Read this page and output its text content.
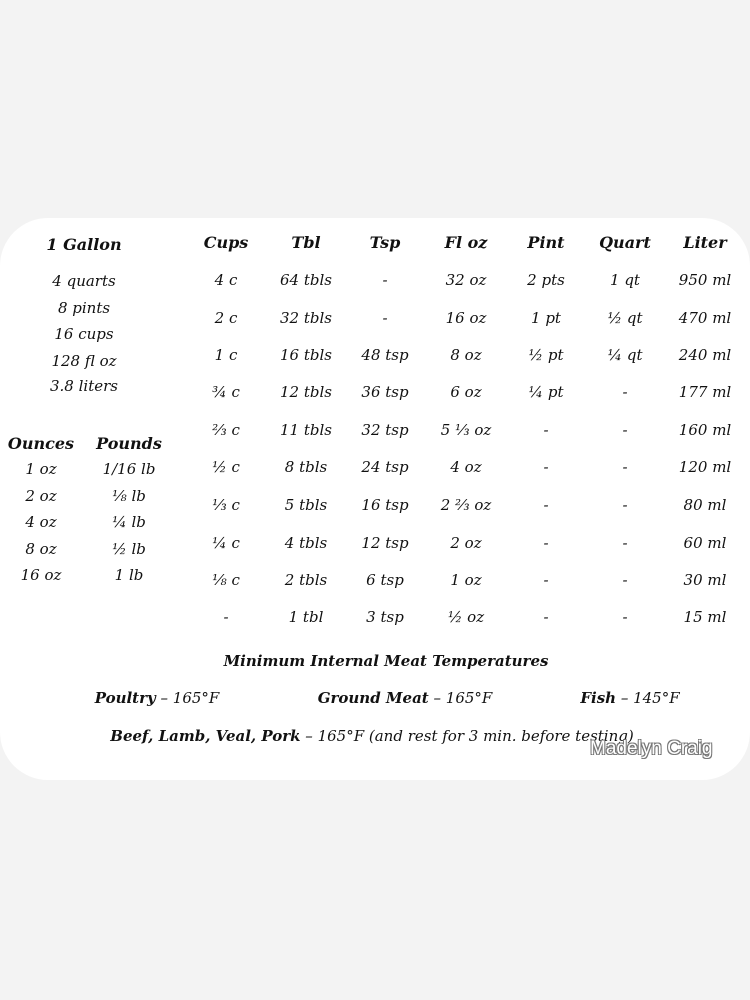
1 Gallon
4 quarts
8 pints
16 cups
128 fl oz
3.8 liters
Ounces Pounds
1 oz	1/16 lb
2 oz	⅛ lb
4 oz	¼ lb
8 oz	½ lb
16 oz	1 lb
Cups	Tbl	Tsp	Fl oz	Pint Quart Liter
4 c	64 tbls	-	32 oz	2 pts	1 qt	950 ml
2 c	32 tbls	-	16 oz	1 pt	½ qt 470 ml
1 c	16 tbls 48 tsp	8 oz	½ pt	¼ qt 240 ml
¾ c	12 tbls 36 tsp	6 oz	¼ pt	-	177 ml
⅔ c	11 tbls 32 tsp 5 ⅓ oz	-	-	160 ml
½ c	8 tbls 24 tsp	4 oz	-	-	120 ml
⅓ c	5 tbls 16 tsp 2 ⅔ oz	-	-	80 ml
¼ c	4 tbls 12 tsp	2 oz	-	-	60 ml
⅛ c	2 tbls	6 tsp	1 oz	-	-	30 ml
-	1 tbl	3 tsp	½ oz	-	-	15 ml
Minimum Internal Meat Temperatures
Poultry – 165°F	Ground Meat – 165°F	Fish – 145°F
Beef, Lamb, Veal, Pork – 165°F (and rest for 3 min. before testing)
Madelyn Craig
